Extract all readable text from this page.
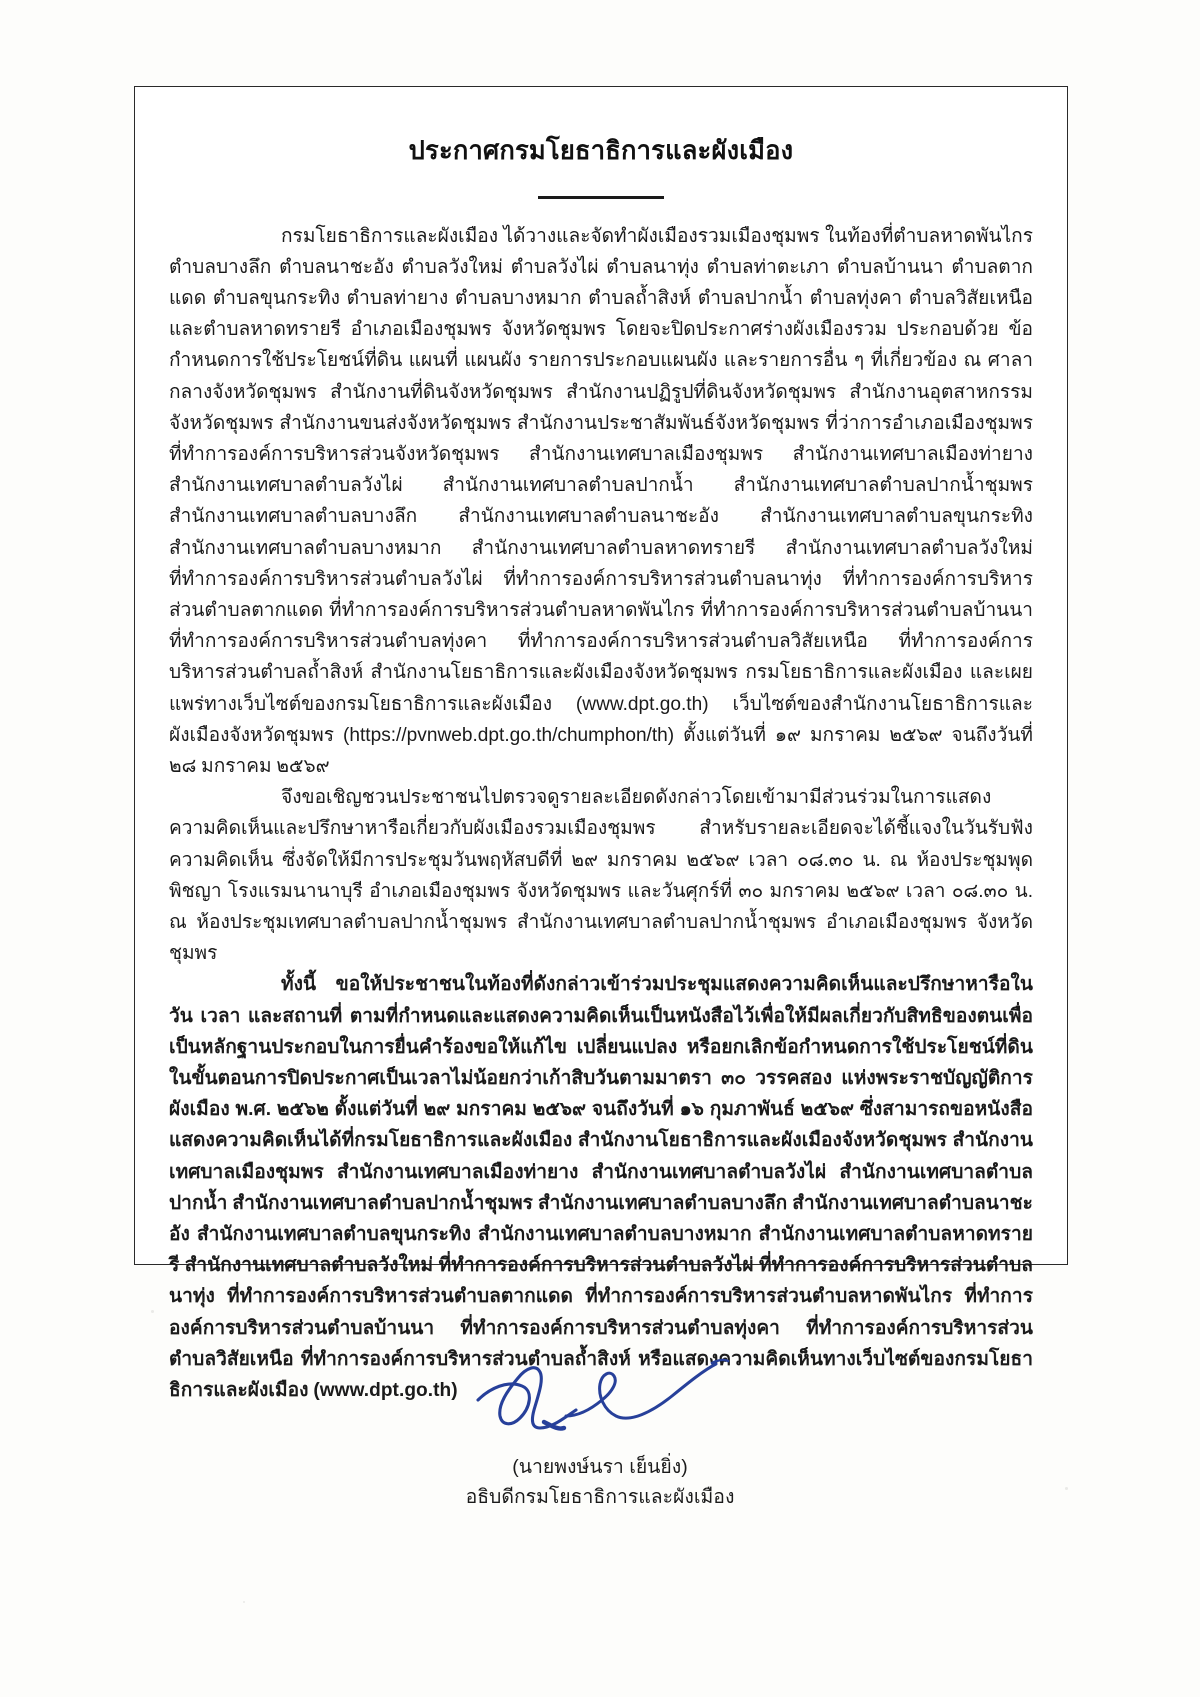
ประกาศกรมโยธาธิการและผังเมือง

กรมโยธาธิการและผังเมือง ได้วางและจัดทำผังเมืองรวมเมืองชุมพร ในท้องที่ตำบลหาดพันไกร ตำบลบางลึก ตำบลนาชะอัง ตำบลวังใหม่ ตำบลวังไผ่ ตำบลนาทุ่ง ตำบลท่าตะเภา ตำบลบ้านนา ตำบลตากแดด ตำบลขุนกระทิง ตำบลท่ายาง ตำบลบางหมาก ตำบลถ้ำสิงห์ ตำบลปากน้ำ ตำบลทุ่งคา ตำบลวิสัยเหนือ และตำบลหาดทรายรี อำเภอเมืองชุมพร จังหวัดชุมพร โดยจะปิดประกาศร่างผังเมืองรวม ประกอบด้วย ข้อกำหนดการใช้ประโยชน์ที่ดิน แผนที่ แผนผัง รายการประกอบแผนผัง และรายการอื่น ๆ ที่เกี่ยวข้อง ณ ศาลากลางจังหวัดชุมพร สำนักงานที่ดินจังหวัดชุมพร สำนักงานปฏิรูปที่ดินจังหวัดชุมพร สำนักงานอุตสาหกรรมจังหวัดชุมพร สำนักงานขนส่งจังหวัดชุมพร สำนักงานประชาสัมพันธ์จังหวัดชุมพร ที่ว่าการอำเภอเมืองชุมพร ที่ทำการองค์การบริหารส่วนจังหวัดชุมพร สำนักงานเทศบาลเมืองชุมพร สำนักงานเทศบาลเมืองท่ายาง สำนักงานเทศบาลตำบลวังไผ่ สำนักงานเทศบาลตำบลปากน้ำ สำนักงานเทศบาลตำบลปากน้ำชุมพร สำนักงานเทศบาลตำบลบางลึก สำนักงานเทศบาลตำบลนาชะอัง สำนักงานเทศบาลตำบลขุนกระทิง สำนักงานเทศบาลตำบลบางหมาก สำนักงานเทศบาลตำบลหาดทรายรี สำนักงานเทศบาลตำบลวังใหม่ ที่ทำการองค์การบริหารส่วนตำบลวังไผ่ ที่ทำการองค์การบริหารส่วนตำบลนาทุ่ง ที่ทำการองค์การบริหารส่วนตำบลตากแดด ที่ทำการองค์การบริหารส่วนตำบลหาดพันไกร ที่ทำการองค์การบริหารส่วนตำบลบ้านนา ที่ทำการองค์การบริหารส่วนตำบลทุ่งคา ที่ทำการองค์การบริหารส่วนตำบลวิสัยเหนือ ที่ทำการองค์การบริหารส่วนตำบลถ้ำสิงห์ สำนักงานโยธาธิการและผังเมืองจังหวัดชุมพร กรมโยธาธิการและผังเมือง และเผยแพร่ทางเว็บไซต์ของกรมโยธาธิการและผังเมือง (www.dpt.go.th) เว็บไซต์ของสำนักงานโยธาธิการและผังเมืองจังหวัดชุมพร (https://pvnweb.dpt.go.th/chumphon/th) ตั้งแต่วันที่ ๑๙ มกราคม ๒๕๖๙ จนถึงวันที่ ๒๘ มกราคม ๒๕๖๙

จึงขอเชิญชวนประชาชนไปตรวจดูรายละเอียดดังกล่าวโดยเข้ามามีส่วนร่วมในการแสดงความคิดเห็นและปรึกษาหารือเกี่ยวกับผังเมืองรวมเมืองชุมพร สำหรับรายละเอียดจะได้ชี้แจงในวันรับฟังความคิดเห็น ซึ่งจัดให้มีการประชุมวันพฤหัสบดีที่ ๒๙ มกราคม ๒๕๖๙ เวลา ๐๘.๓๐ น. ณ ห้องประชุมพุดพิชญา โรงแรมนานาบุรี อำเภอเมืองชุมพร จังหวัดชุมพร และวันศุกร์ที่ ๓๐ มกราคม ๒๕๖๙ เวลา ๐๘.๓๐ น. ณ ห้องประชุมเทศบาลตำบลปากน้ำชุมพร สำนักงานเทศบาลตำบลปากน้ำชุมพร อำเภอเมืองชุมพร จังหวัดชุมพร

ทั้งนี้ ขอให้ประชาชนในท้องที่ดังกล่าวเข้าร่วมประชุมแสดงความคิดเห็นและปรึกษาหารือในวัน เวลา และสถานที่ ตามที่กำหนดและแสดงความคิดเห็นเป็นหนังสือไว้เพื่อให้มีผลเกี่ยวกับสิทธิของตนเพื่อเป็นหลักฐานประกอบในการยื่นคำร้องขอให้แก้ไข เปลี่ยนแปลง หรือยกเลิกข้อกำหนดการใช้ประโยชน์ที่ดินในขั้นตอนการปิดประกาศเป็นเวลาไม่น้อยกว่าเก้าสิบวันตามมาตรา ๓๐ วรรคสอง แห่งพระราชบัญญัติการผังเมือง พ.ศ. ๒๕๖๒ ตั้งแต่วันที่ ๒๙ มกราคม ๒๕๖๙ จนถึงวันที่ ๑๖ กุมภาพันธ์ ๒๕๖๙ ซึ่งสามารถขอหนังสือแสดงความคิดเห็นได้ที่กรมโยธาธิการและผังเมือง สำนักงานโยธาธิการและผังเมืองจังหวัดชุมพร สำนักงานเทศบาลเมืองชุมพร สำนักงานเทศบาลเมืองท่ายาง สำนักงานเทศบาลตำบลวังไผ่ สำนักงานเทศบาลตำบลปากน้ำ สำนักงานเทศบาลตำบลปากน้ำชุมพร สำนักงานเทศบาลตำบลบางลึก สำนักงานเทศบาลตำบลนาชะอัง สำนักงานเทศบาลตำบลขุนกระทิง สำนักงานเทศบาลตำบลบางหมาก สำนักงานเทศบาลตำบลหาดทรายรี สำนักงานเทศบาลตำบลวังใหม่ ที่ทำการองค์การบริหารส่วนตำบลวังไผ่ ที่ทำการองค์การบริหารส่วนตำบลนาทุ่ง ที่ทำการองค์การบริหารส่วนตำบลตากแดด ที่ทำการองค์การบริหารส่วนตำบลหาดพันไกร ที่ทำการองค์การบริหารส่วนตำบลบ้านนา ที่ทำการองค์การบริหารส่วนตำบลทุ่งคา ที่ทำการองค์การบริหารส่วนตำบลวิสัยเหนือ ที่ทำการองค์การบริหารส่วนตำบลถ้ำสิงห์ หรือแสดงความคิดเห็นทางเว็บไซต์ของกรมโยธาธิการและผังเมือง (www.dpt.go.th)

(นายพงษ์นรา เย็นยิ่ง)
อธิบดีกรมโยธาธิการและผังเมือง
